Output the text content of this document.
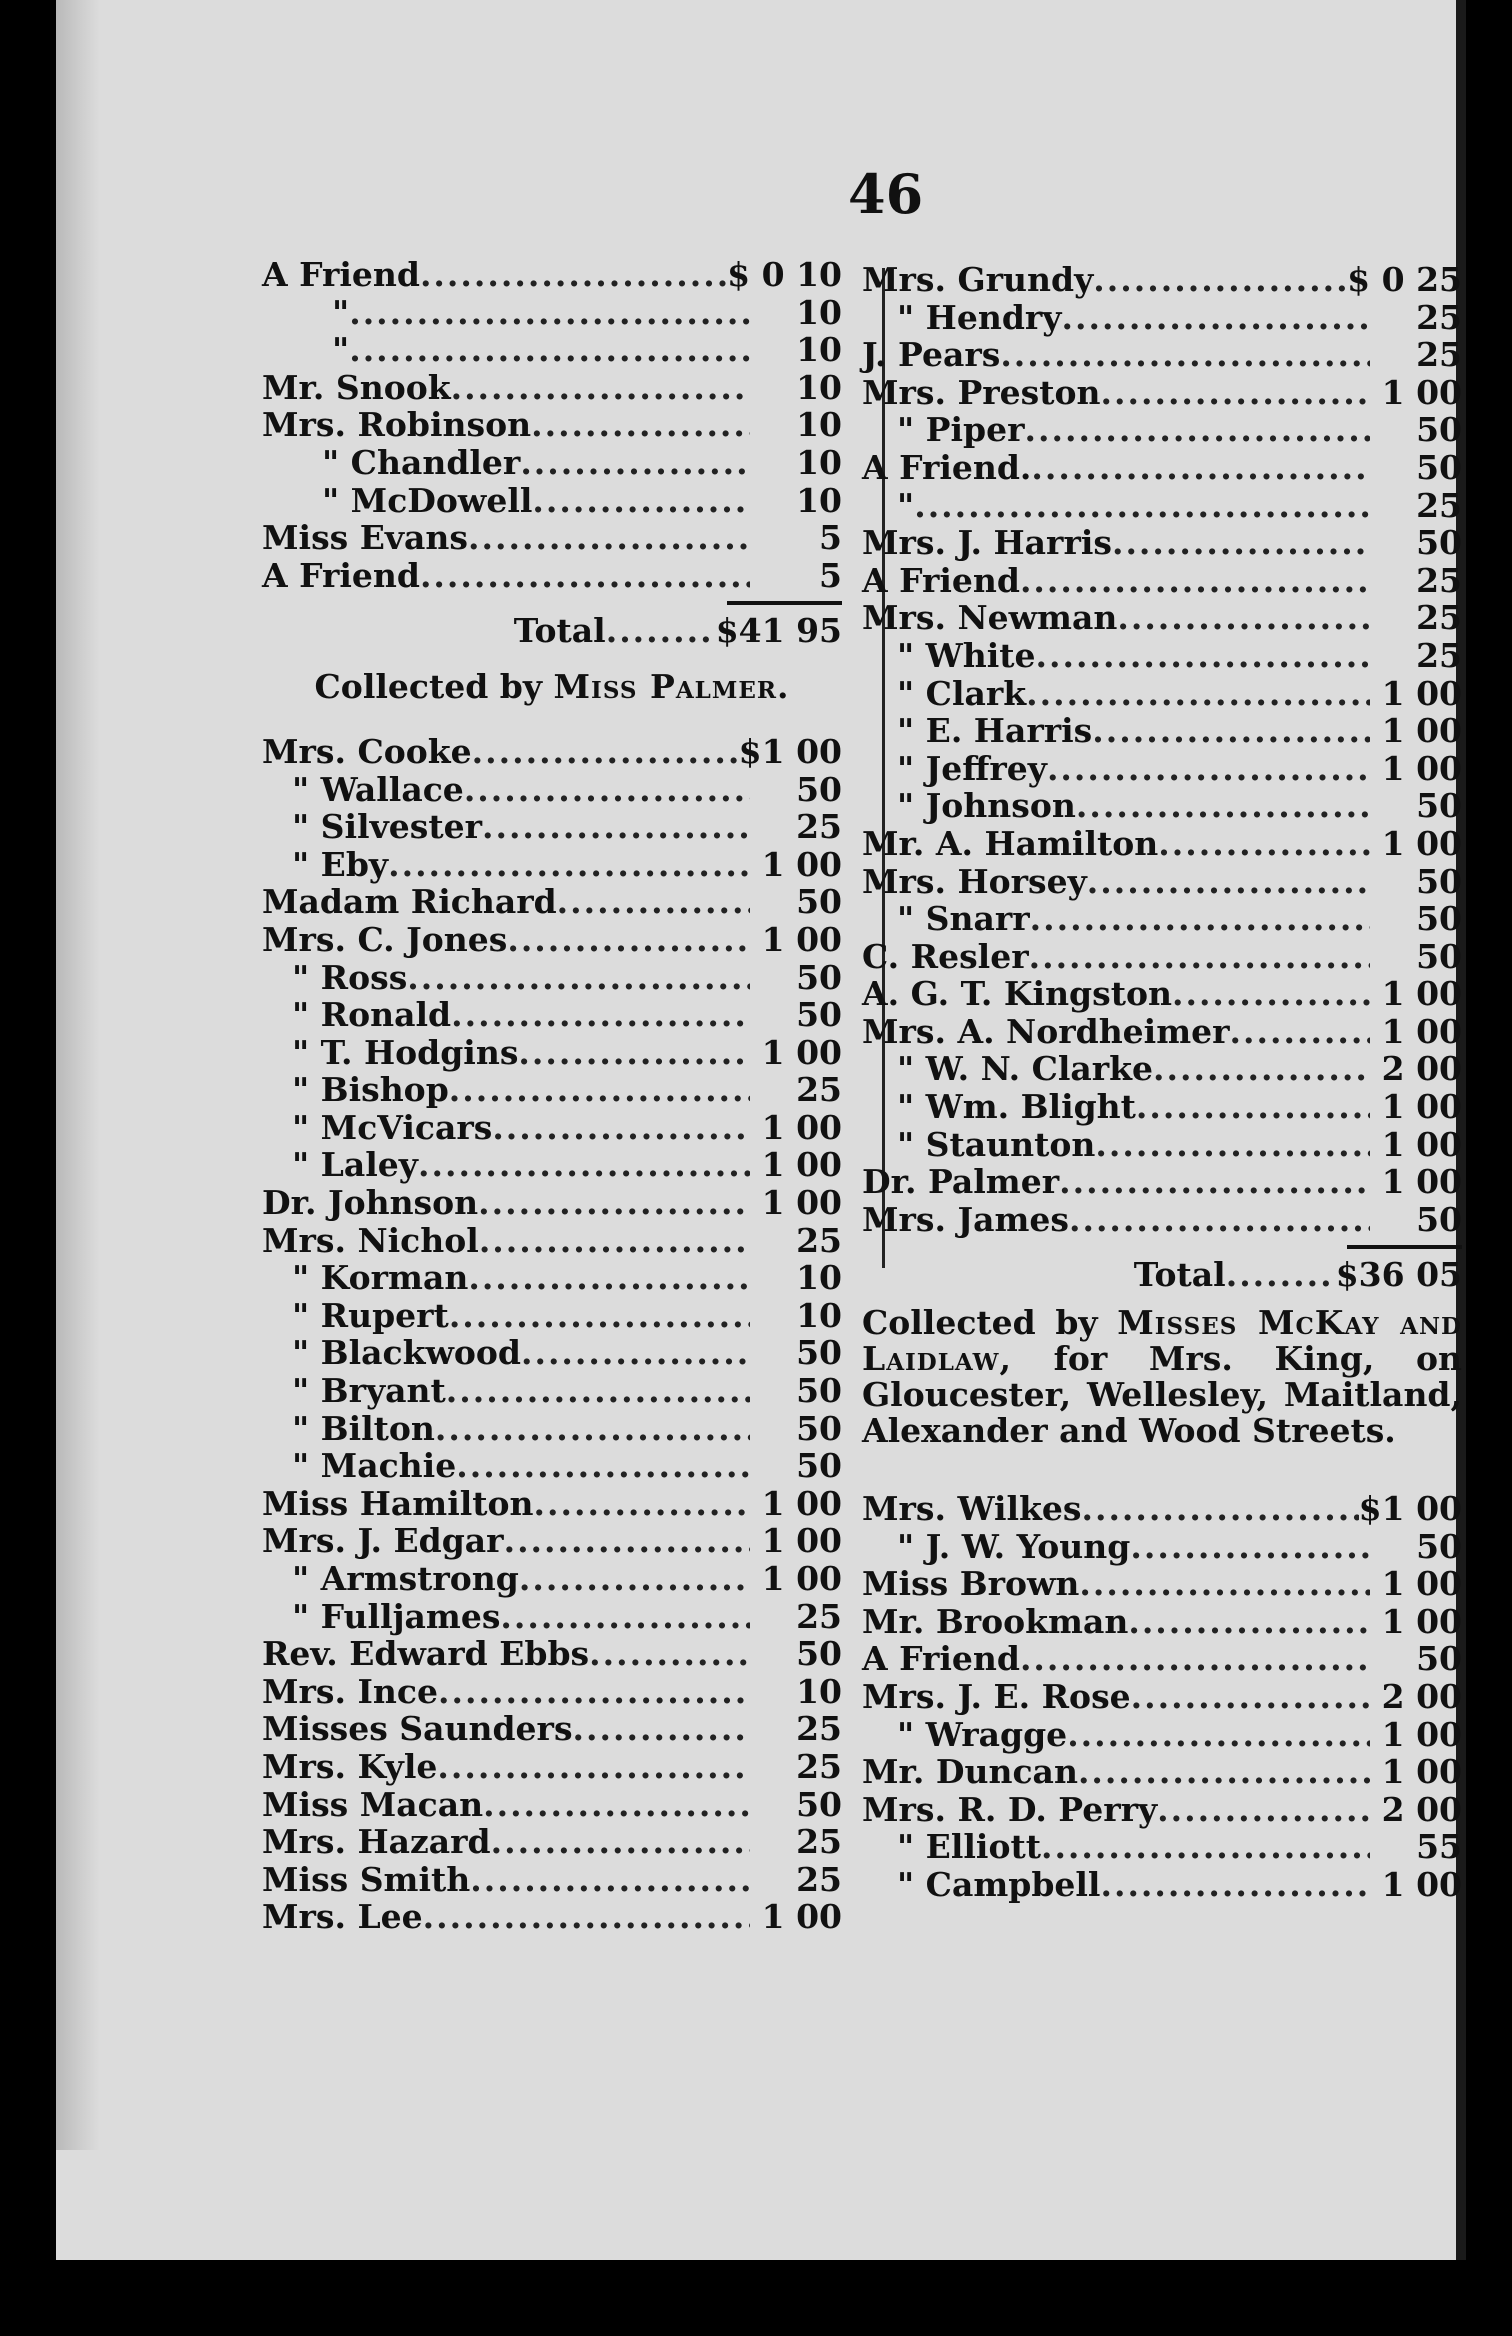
46
A Friend .....	$ 0 10
" .....	10
" .....	10
Mr. Snook .....	10
Mrs. Robinson .....	10
" Chandler .....	10
" McDowell .....	10
Miss Evans .....	5
A Friend .....	5
Total .....	$41 95
Collected by Miss Palmer.
Mrs. Cooke .....	$1 00
" Wallace .....	50
" Silvester .....	25
" Eby .....	1 00
Madam Richard .....	50
Mrs. C. Jones .....	1 00
" Ross .....	50
" Ronald .....	50
" T. Hodgins .....	1 00
" Bishop .....	25
" McVicars .....	1 00
" Laley .....	1 00
Dr. Johnson .....	1 00
Mrs. Nichol .....	25
" Korman .....	10
" Rupert .....	10
" Blackwood .....	50
" Bryant .....	50
" Bilton .....	50
" Machie .....	50
Miss Hamilton .....	1 00
Mrs. J. Edgar .....	1 00
" Armstrong .....	1 00
" Fulljames .....	25
Rev. Edward Ebbs .....	50
Mrs. Ince .....	10
Misses Saunders .....	25
Mrs. Kyle .....	25
Miss Macan .....	50
Mrs. Hazard .....	25
Miss Smith .....	25
Mrs. Lee .....	1 00
Mrs. Grundy .....	$ 0 25
" Hendry .....	25
J. Pears .....	25
Mrs. Preston .....	1 00
" Piper .....	50
A Friend. .....	50
" .....	25
Mrs. J. Harris .....	50
A Friend .....	25
Mrs. Newman .....	25
" White .....	25
" Clark .....	1 00
" E. Harris .....	1 00
" Jeffrey .....	1 00
" Johnson .....	50
Mr. A. Hamilton .....	1 00
Mrs. Horsey .....	50
" Snarr .....	50
C. Resler .....	50
A. G. T. Kingston .....	1 00
Mrs. A. Nordheimer .....	1 00
" W. N. Clarke .....	2 00
" Wm. Blight .....	1 00
" Staunton .....	1 00
Dr. Palmer .....	1 00
Mrs. James .....	50
Total .....	$36 05
Collected by Misses McKay and Laidlaw, for Mrs. King, on Gloucester, Wellesley, Maitland, Alexander and Wood Streets.
Mrs. Wilkes .....	$1 00
" J. W. Young .....	50
Miss Brown .....	1 00
Mr. Brookman .....	1 00
A Friend .....	50
Mrs. J. E. Rose .....	2 00
" Wragge .....	1 00
Mr. Duncan .....	1 00
Mrs. R. D. Perry .....	2 00
" Elliott .....	55
" Campbell .....	1 00
